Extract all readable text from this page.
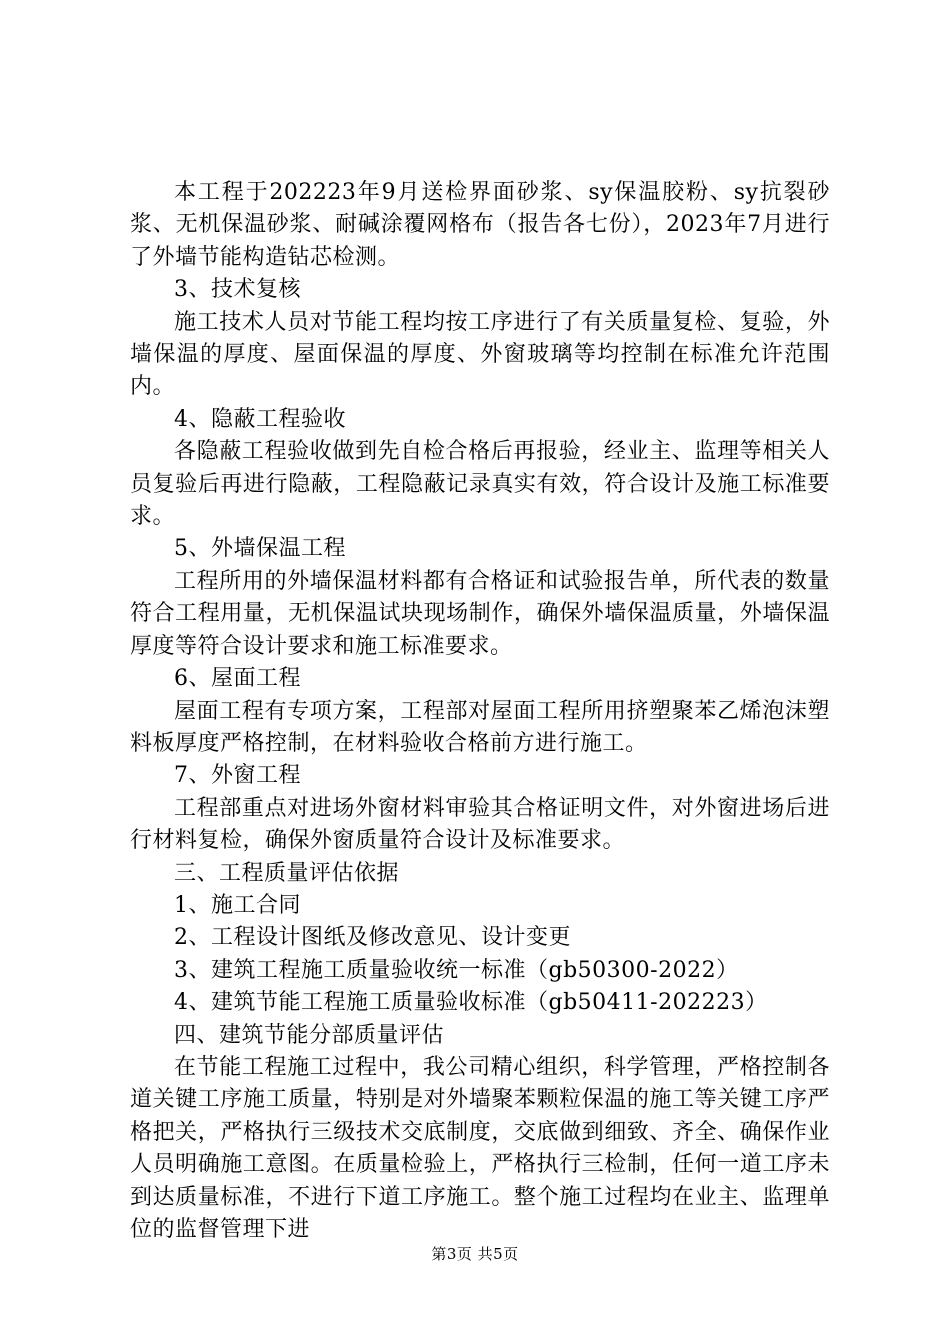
本工程于202223年9月送检界面砂浆、sy保温胶粉、sy抗裂砂浆、无机保温砂浆、耐碱涂覆网格布（报告各七份），2023年7月进行了外墙节能构造钻芯检测。

3、技术复核

施工技术人员对节能工程均按工序进行了有关质量复检、复验，外墙保温的厚度、屋面保温的厚度、外窗玻璃等均控制在标准允许范围内。

4、隐蔽工程验收

各隐蔽工程验收做到先自检合格后再报验，经业主、监理等相关人员复验后再进行隐蔽，工程隐蔽记录真实有效，符合设计及施工标准要求。

5、外墙保温工程

工程所用的外墙保温材料都有合格证和试验报告单，所代表的数量符合工程用量，无机保温试块现场制作，确保外墙保温质量，外墙保温厚度等符合设计要求和施工标准要求。

6、屋面工程

屋面工程有专项方案，工程部对屋面工程所用挤塑聚苯乙烯泡沫塑料板厚度严格控制，在材料验收合格前方进行施工。

7、外窗工程

工程部重点对进场外窗材料审验其合格证明文件，对外窗进场后进行材料复检，确保外窗质量符合设计及标准要求。

三、工程质量评估依据

1、施工合同

2、工程设计图纸及修改意见、设计变更

3、建筑工程施工质量验收统一标准（gb50300-2022）

4、建筑节能工程施工质量验收标准（gb50411-202223）

四、建筑节能分部质量评估

在节能工程施工过程中，我公司精心组织，科学管理，严格控制各道关键工序施工质量，特别是对外墙聚苯颗粒保温的施工等关键工序严格把关，严格执行三级技术交底制度，交底做到细致、齐全、确保作业人员明确施工意图。在质量检验上，严格执行三检制，任何一道工序未到达质量标准，不进行下道工序施工。整个施工过程均在业主、监理单位的监督管理下进

第3页 共5页
